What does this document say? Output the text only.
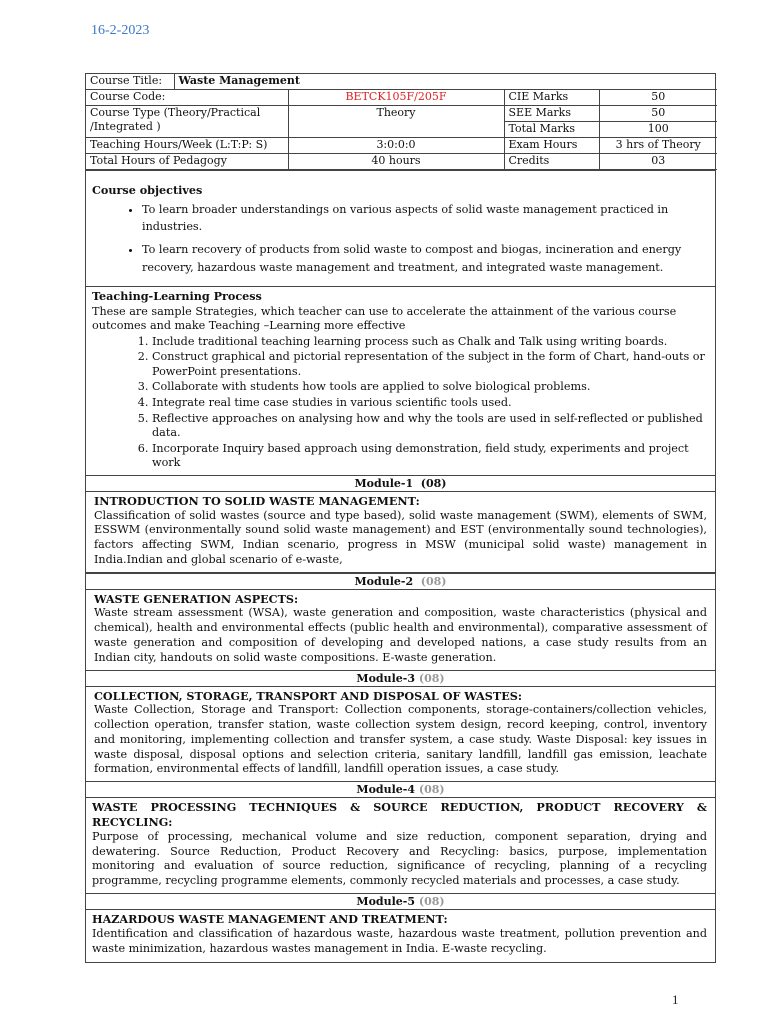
16-2-2023
Course Title:	Waste Management			
Course Code:		BETCK105F/205F	CIE Marks	50

Course Type (Theory/Practical
/Integrated )		Theory	SEE Marks	50
			Total Marks	100
Teaching Hours/Week (L:T:P: S)		3:0:0:0	Exam Hours	3 hrs of Theory
Total Hours of Pedagogy		40 hours	Credits	03
Course objectives
• To learn broader understandings on various aspects of solid waste management practiced in industries.
• To learn recovery of products from solid waste to compost and biogas, incineration and energy recovery, hazardous waste management and treatment, and integrated waste management.
Teaching-Learning Process
These are sample Strategies, which teacher can use to accelerate the attainment of the various course outcomes and make Teaching –Learning more effective
1. Include traditional teaching learning process such as Chalk and Talk using writing boards.
2. Construct graphical and pictorial representation of the subject in the form of Chart, hand-outs or PowerPoint presentations.
3. Collaborate with students how tools are applied to solve biological problems.
4. Integrate real time case studies in various scientific tools used.
5. Reflective approaches on analysing how and why the tools are used in self-reflected or published data.
6. Incorporate Inquiry based approach using demonstration, field study, experiments and project work
Module-1 (08)
INTRODUCTION TO SOLID WASTE MANAGEMENT:
Classification of solid wastes (source and type based), solid waste management (SWM), elements of SWM, ESSWM (environmentally sound solid waste management) and EST (environmentally sound technologies), factors affecting SWM, Indian scenario, progress in MSW (municipal solid waste) management in India.Indian and global scenario of e-waste,
Module-2 (08)
WASTE GENERATION ASPECTS:
Waste stream assessment (WSA), waste generation and composition, waste characteristics (physical and chemical), health and environmental effects (public health and environmental), comparative assessment of waste generation and composition of developing and developed nations, a case study results from an Indian city, handouts on solid waste compositions. E-waste generation.
Module-3 (08)
COLLECTION, STORAGE, TRANSPORT AND DISPOSAL OF WASTES:
Waste Collection, Storage and Transport: Collection components, storage-containers/collection vehicles, collection operation, transfer station, waste collection system design, record keeping, control, inventory and monitoring, implementing collection and transfer system, a case study. Waste Disposal: key issues in waste disposal, disposal options and selection criteria, sanitary landfill, landfill gas emission, leachate formation, environmental effects of landfill, landfill operation issues, a case study.
Module-4 (08)
WASTE PROCESSING TECHNIQUES & SOURCE REDUCTION, PRODUCT RECOVERY & RECYCLING:
Purpose of processing, mechanical volume and size reduction, component separation, drying and dewatering. Source Reduction, Product Recovery and Recycling: basics, purpose, implementation monitoring and evaluation of source reduction, significance of recycling, planning of a recycling programme, recycling programme elements, commonly recycled materials and processes, a case study.
Module-5 (08)
HAZARDOUS WASTE MANAGEMENT AND TREATMENT:
Identification and classification of hazardous waste, hazardous waste treatment, pollution prevention and waste minimization, hazardous wastes management in India. E-waste recycling.
1
